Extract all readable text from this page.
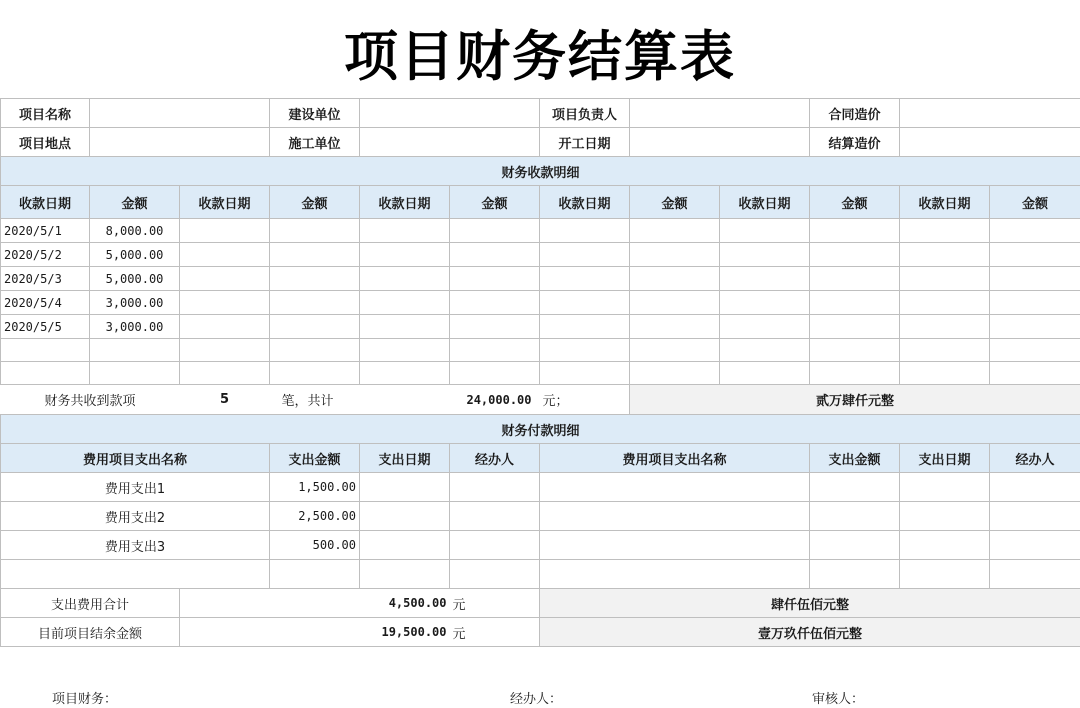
项目财务结算表
项目名称			建设单位			项目负责人			合同造价		
项目地点			施工单位			开工日期			结算造价		
财务收款明细											
收款日期	金额	收款日期	金额	收款日期	金额	收款日期	金额	收款日期	金额	收款日期	金额
2020/5/1	8,000.00										
2020/5/2	5,000.00										
2020/5/3	5,000.00										
2020/5/4	3,000.00										
2020/5/5	3,000.00										

财务共收到款项		5	笔，共计		24,000.00	元；	贰万肆仟元整				
财务付款明细											
费用项目支出名称			支出金额	支出日期	经办人	费用项目支出名称			支出金额	支出日期	经办人
费用支出1			1,500.00								
费用支出2			2,500.00								
费用支出3			500.00								

支出费用合计		4,500.00			元	肆仟伍佰元整					
目前项目结余金额		19,500.00			元	壹万玖仟伍佰元整					
项目财务：	经办人：	审核人：
